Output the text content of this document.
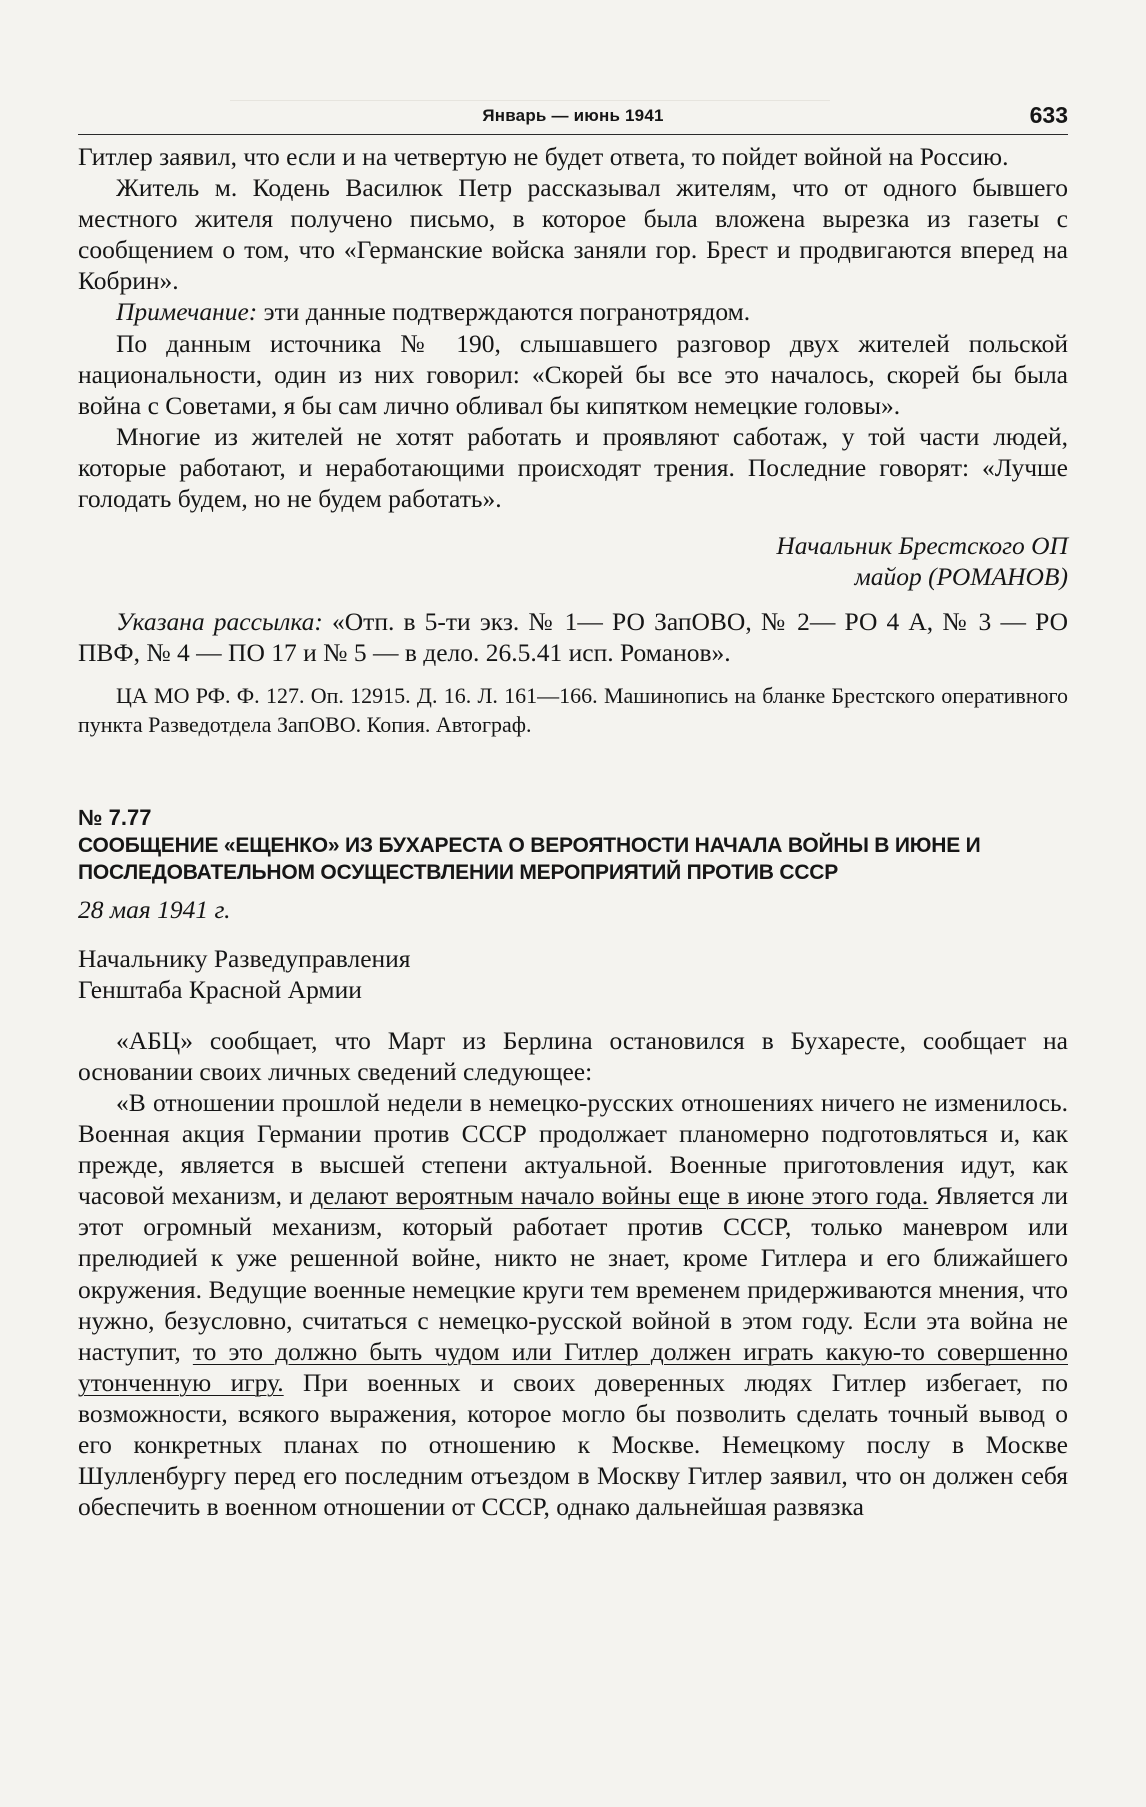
Январь — июнь 1941	633

Гитлер заявил, что если и на четвертую не будет ответа, то пойдет войной на Россию.

Житель м. Кодень Василюк Петр рассказывал жителям, что от одного бывшего местного жителя получено письмо, в которое была вложена вырезка из газеты с сообщением о том, что «Германские войска заняли гор. Брест и продвигаются вперед на Кобрин».

Примечание: эти данные подтверждаются погранотрядом.

По данным источника № 190, слышавшего разговор двух жителей польской национальности, один из них говорил: «Скорей бы все это началось, скорей бы была война с Советами, я бы сам лично обливал бы кипятком немецкие головы».

Многие из жителей не хотят работать и проявляют саботаж, у той части людей, которые работают, и неработающими происходят трения. Последние говорят: «Лучше голодать будем, но не будем работать».

Начальник Брестского ОП

майор (РОМАНОВ)

Указана рассылка: «Отп. в 5-ти экз. № 1— РО ЗапОВО, № 2— РО 4 А, № 3 — РО ПВФ, № 4 — ПО 17 и № 5 — в дело. 26.5.41 исп. Романов».

ЦА МО РФ. Ф. 127. Оп. 12915. Д. 16. Л. 161—166. Машинопись на бланке Брестского оперативного пункта Разведотдела ЗапОВО. Копия. Автограф.

№ 7.77

СООБЩЕНИЕ «ЕЩЕНКО» ИЗ БУХАРЕСТА О ВЕРОЯТНОСТИ НАЧАЛА ВОЙНЫ В ИЮНЕ И ПОСЛЕДОВАТЕЛЬНОМ ОСУЩЕСТВЛЕНИИ МЕРОПРИЯТИЙ ПРОТИВ СССР

28 мая 1941 г.

Начальнику Разведуправления

Генштаба Красной Армии

«АБЦ» сообщает, что Март из Берлина остановился в Бухаресте, сообщает на основании своих личных сведений следующее:

«В отношении прошлой недели в немецко-русских отношениях ничего не изменилось. Военная акция Германии против СССР продолжает планомерно подготовляться и, как прежде, является в высшей степени актуальной. Военные приготовления идут, как часовой механизм, и делают вероятным начало войны еще в июне этого года. Является ли этот огромный механизм, который работает против СССР, только маневром или прелюдией к уже решенной войне, никто не знает, кроме Гитлера и его ближайшего окружения. Ведущие военные немецкие круги тем временем придерживаются мнения, что нужно, безусловно, считаться с немецко-русской войной в этом году. Если эта война не наступит, то это должно быть чудом или Гитлер должен играть какую-то совершенно утонченную игру. При военных и своих доверенных людях Гитлер избегает, по возможности, всякого выражения, которое могло бы позволить сделать точный вывод о его конкретных планах по отношению к Москве. Немецкому послу в Москве Шулленбургу перед его последним отъездом в Москву Гитлер заявил, что он должен себя обеспечить в военном отношении от СССР, однако дальнейшая развязка
